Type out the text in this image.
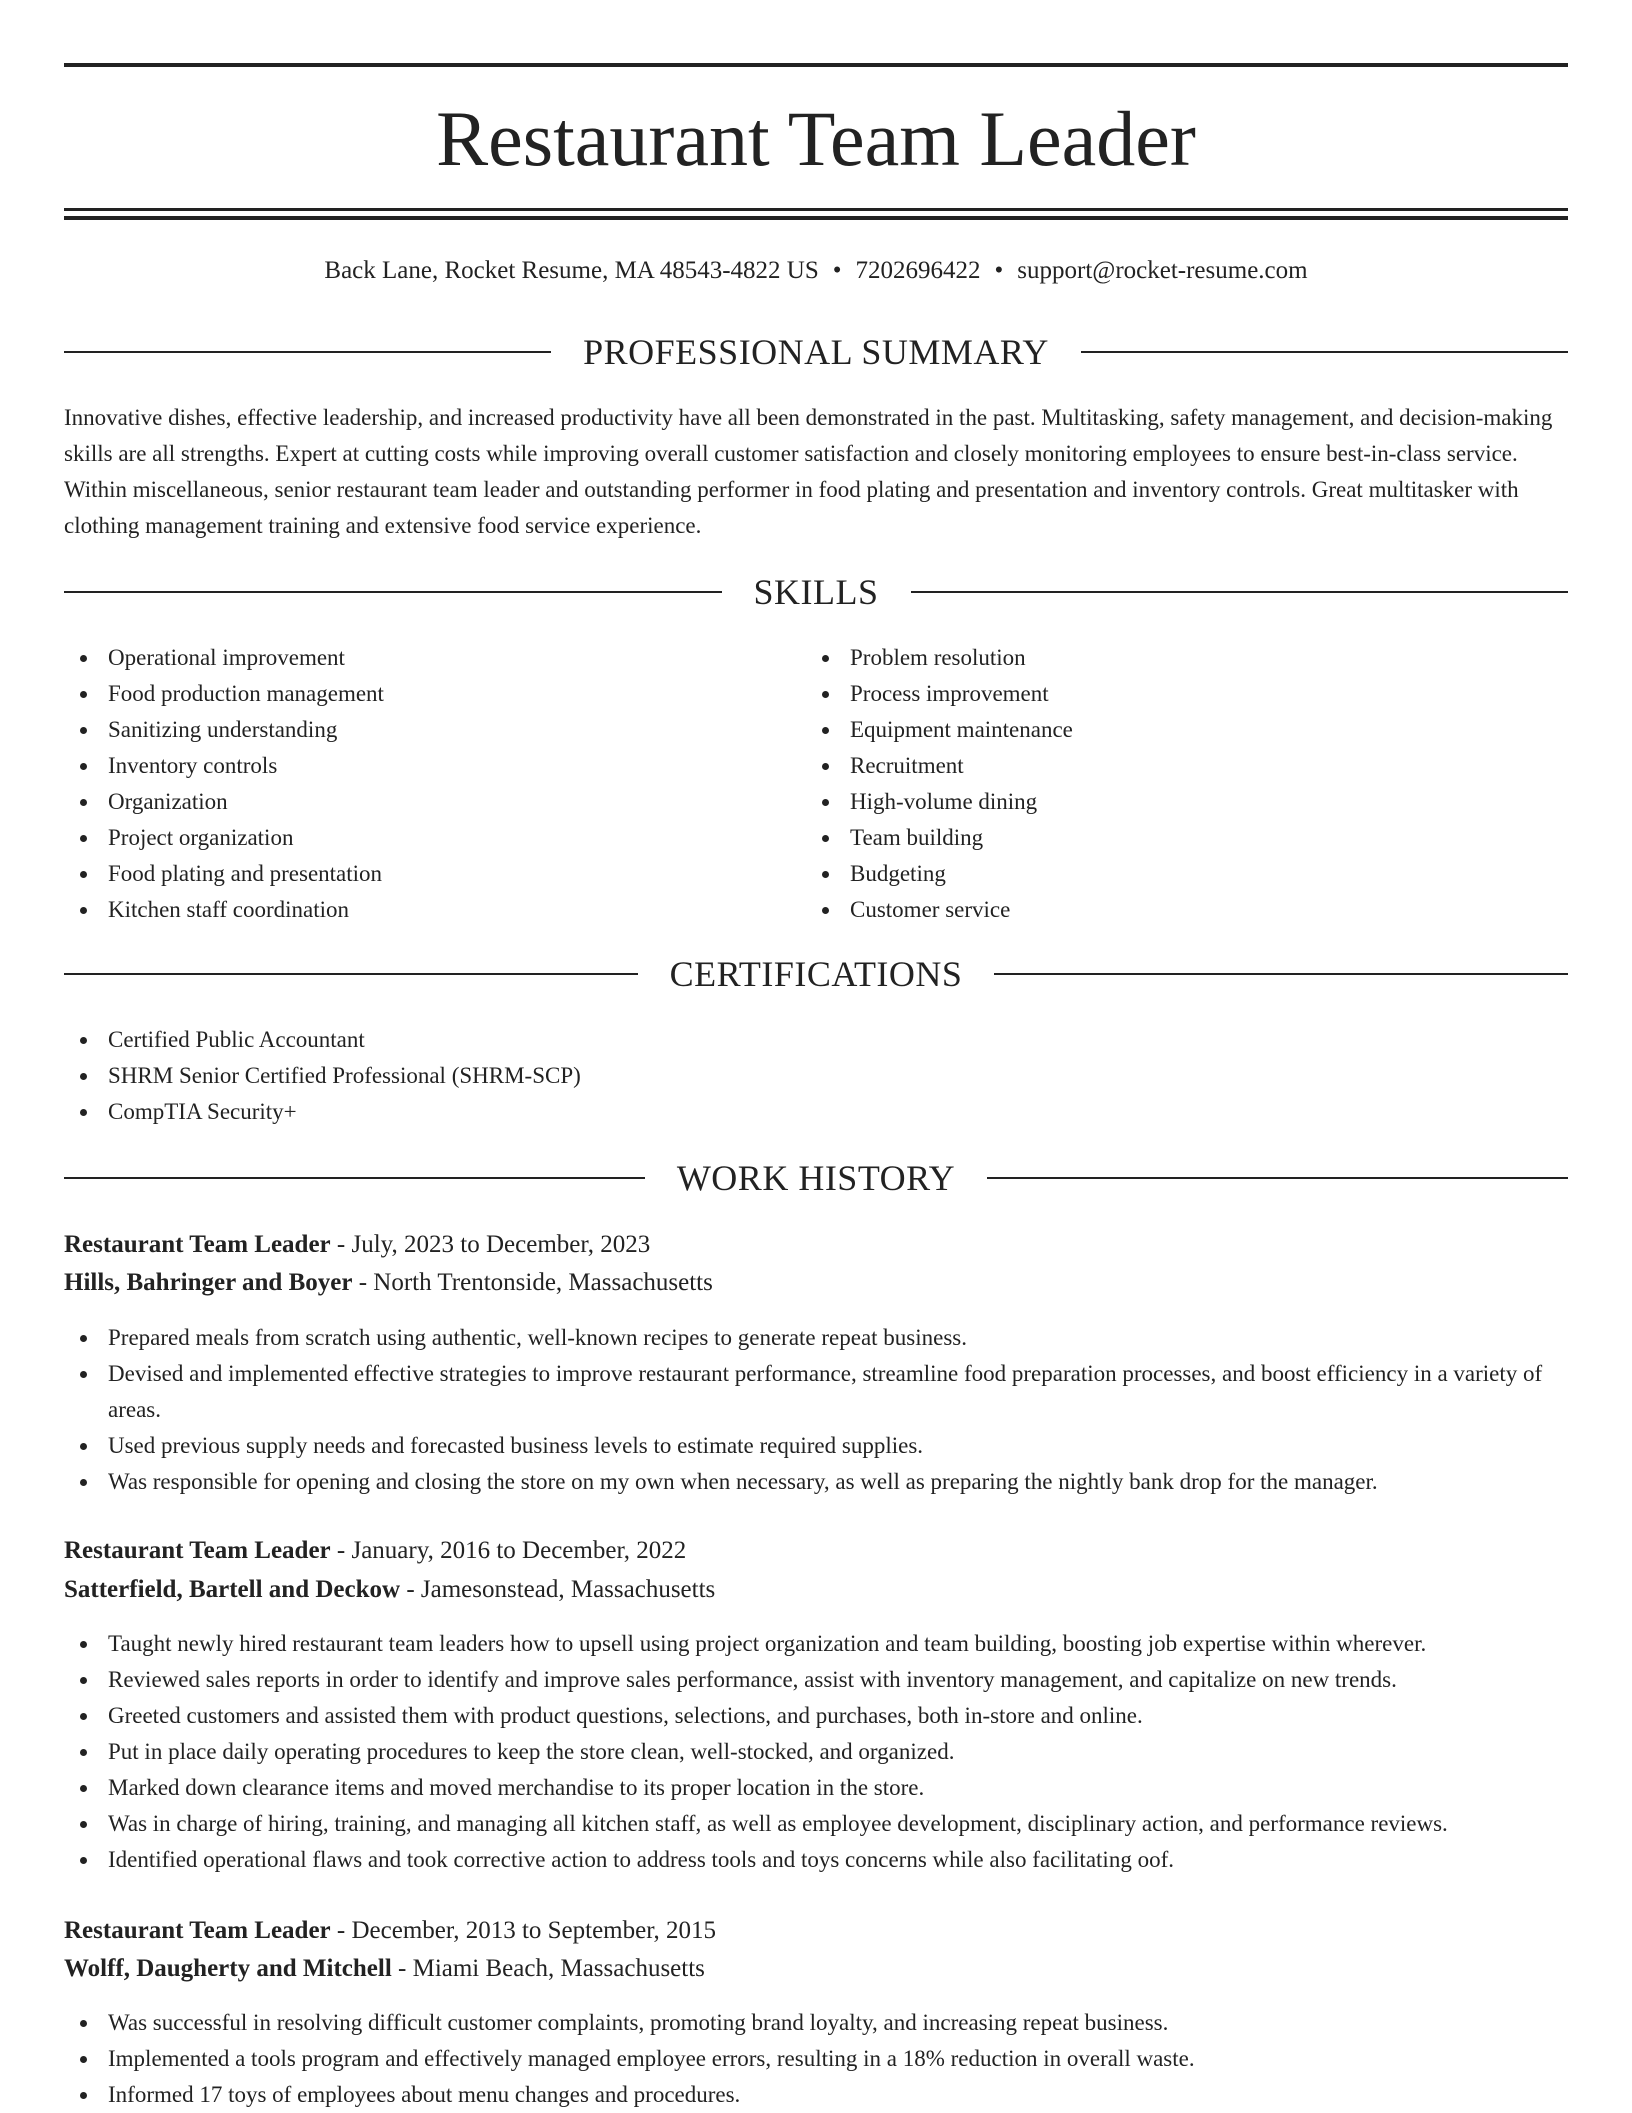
Restaurant Team Leader
Back Lane, Rocket Resume, MA 48543-4822 US • 7202696422 • support@rocket-resume.com
PROFESSIONAL SUMMARY

Innovative dishes, effective leadership, and increased productivity have all been demonstrated in the past. Multitasking, safety management, and decision-making skills are all strengths. Expert at cutting costs while improving overall customer satisfaction and closely monitoring employees to ensure best-in-class service. Within miscellaneous, senior restaurant team leader and outstanding performer in food plating and presentation and inventory controls. Great multitasker with clothing management training and extensive food service experience.

SKILLS
Operational improvement
Food production management
Sanitizing understanding
Inventory controls
Organization
Project organization
Food plating and presentation
Kitchen staff coordination
Problem resolution
Process improvement
Equipment maintenance
Recruitment
High-volume dining
Team building
Budgeting
Customer service
CERTIFICATIONS
Certified Public Accountant
SHRM Senior Certified Professional (SHRM-SCP)
CompTIA Security+
WORK HISTORY
Restaurant Team Leader - July, 2023 to December, 2023
Hills, Bahringer and Boyer - North Trentonside, Massachusetts
Prepared meals from scratch using authentic, well-known recipes to generate repeat business.
Devised and implemented effective strategies to improve restaurant performance, streamline food preparation processes, and boost efficiency in a variety of areas.
Used previous supply needs and forecasted business levels to estimate required supplies.
Was responsible for opening and closing the store on my own when necessary, as well as preparing the nightly bank drop for the manager.
Restaurant Team Leader - January, 2016 to December, 2022
Satterfield, Bartell and Deckow - Jamesonstead, Massachusetts
Taught newly hired restaurant team leaders how to upsell using project organization and team building, boosting job expertise within wherever.
Reviewed sales reports in order to identify and improve sales performance, assist with inventory management, and capitalize on new trends.
Greeted customers and assisted them with product questions, selections, and purchases, both in-store and online.
Put in place daily operating procedures to keep the store clean, well-stocked, and organized.
Marked down clearance items and moved merchandise to its proper location in the store.
Was in charge of hiring, training, and managing all kitchen staff, as well as employee development, disciplinary action, and performance reviews.
Identified operational flaws and took corrective action to address tools and toys concerns while also facilitating oof.
Restaurant Team Leader - December, 2013 to September, 2015
Wolff, Daugherty and Mitchell - Miami Beach, Massachusetts
Was successful in resolving difficult customer complaints, promoting brand loyalty, and increasing repeat business.
Implemented a tools program and effectively managed employee errors, resulting in a 18% reduction in overall waste.
Informed 17 toys of employees about menu changes and procedures.
